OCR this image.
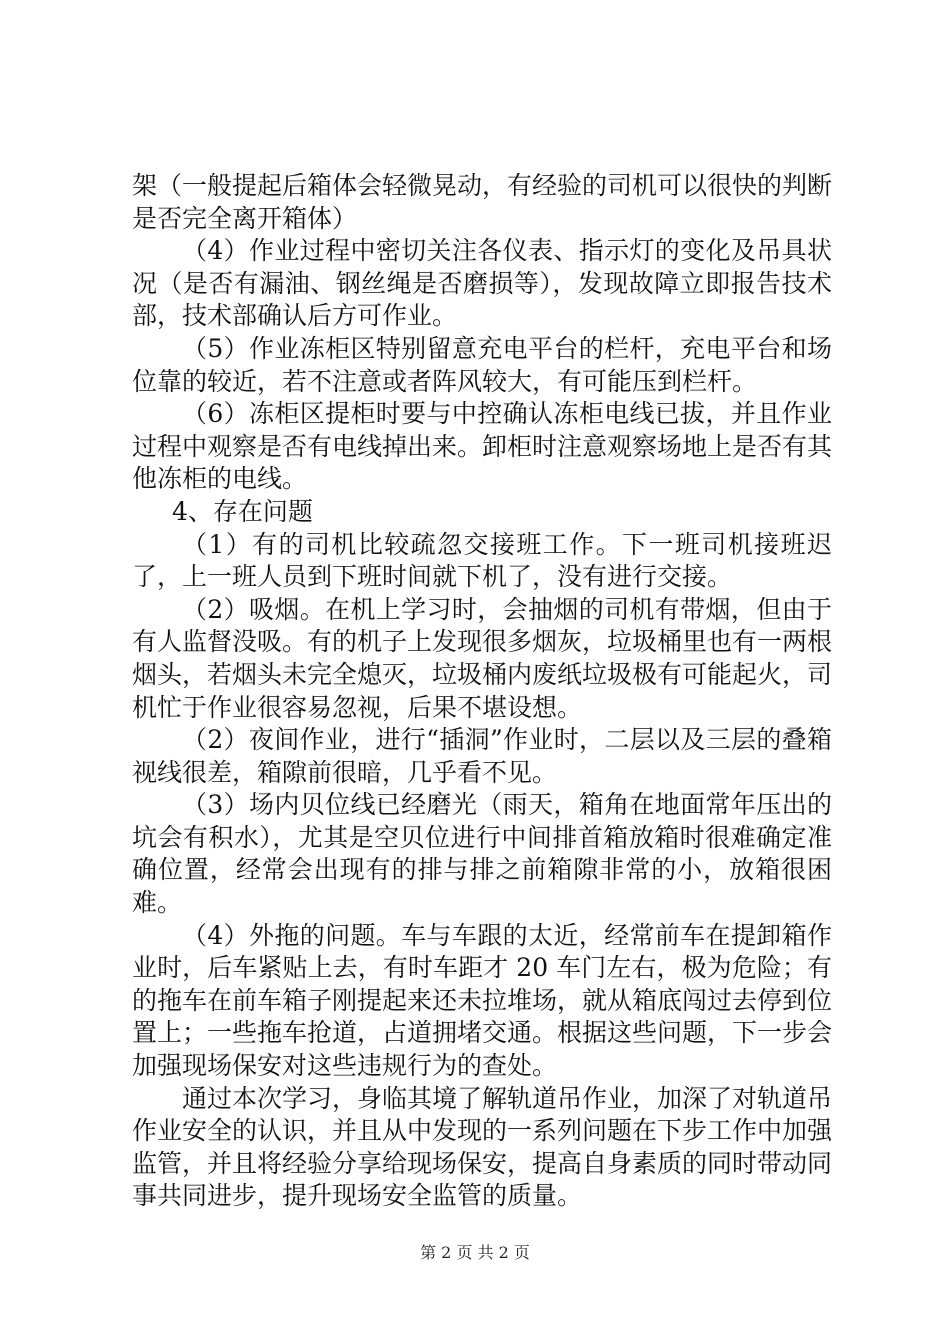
架（一般提起后箱体会轻微晃动，有经验的司机可以很快的判断是否完全离开箱体）

（4）作业过程中密切关注各仪表、指示灯的变化及吊具状况（是否有漏油、钢丝绳是否磨损等），发现故障立即报告技术部，技术部确认后方可作业。

（5）作业冻柜区特别留意充电平台的栏杆，充电平台和场位靠的较近，若不注意或者阵风较大，有可能压到栏杆。

（6）冻柜区提柜时要与中控确认冻柜电线已拔，并且作业过程中观察是否有电线掉出来。卸柜时注意观察场地上是否有其他冻柜的电线。

4、存在问题

（1）有的司机比较疏忽交接班工作。下一班司机接班迟了，上一班人员到下班时间就下机了，没有进行交接。

（2）吸烟。在机上学习时，会抽烟的司机有带烟，但由于有人监督没吸。有的机子上发现很多烟灰，垃圾桶里也有一两根烟头，若烟头未完全熄灭，垃圾桶内废纸垃圾极有可能起火，司机忙于作业很容易忽视，后果不堪设想。

（2）夜间作业，进行“插洞”作业时，二层以及三层的叠箱视线很差，箱隙前很暗，几乎看不见。

（3）场内贝位线已经磨光（雨天，箱角在地面常年压出的坑会有积水），尤其是空贝位进行中间排首箱放箱时很难确定准确位置，经常会出现有的排与排之前箱隙非常的小，放箱很困难。

（4）外拖的问题。车与车跟的太近，经常前车在提卸箱作业时，后车紧贴上去，有时车距才 20 车门左右，极为危险；有的拖车在前车箱子刚提起来还未拉堆场，就从箱底闯过去停到位置上；一些拖车抢道，占道拥堵交通。根据这些问题，下一步会加强现场保安对这些违规行为的查处。

通过本次学习，身临其境了解轨道吊作业，加深了对轨道吊作业安全的认识，并且从中发现的一系列问题在下步工作中加强监管，并且将经验分享给现场保安，提高自身素质的同时带动同事共同进步，提升现场安全监管的质量。

第 2 页 共 2 页
